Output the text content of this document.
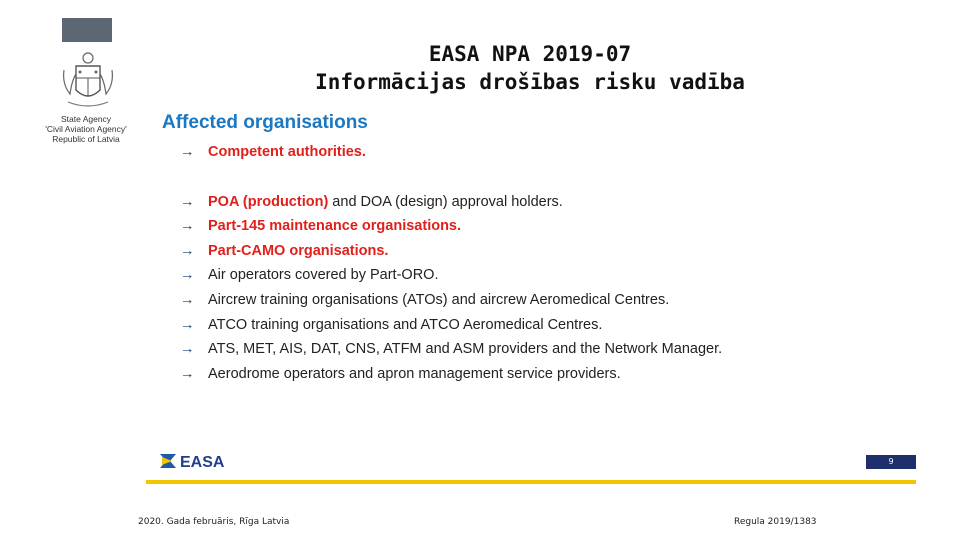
State Agency
'Civil Aviation Agency'
Republic of Latvia
EASA NPA 2019-07
Informācijas drošības risku vadība
Affected organisations
→ Competent authorities.
→ POA (production) and DOA (design) approval holders.
→ Part-145 maintenance organisations.
→ Part-CAMO organisations.
→ Air operators covered by Part-ORO.
→ Aircrew training organisations (ATOs) and aircrew Aeromedical Centres.
→ ATCO training organisations and ATCO Aeromedical Centres.
→ ATS, MET, AIS, DAT, CNS, ATFM and ASM providers and the Network Manager.
→ Aerodrome operators and apron management service providers.
EASA	9
2020. Gada februāris, Rīga Latvia	Regula 2019/1383
